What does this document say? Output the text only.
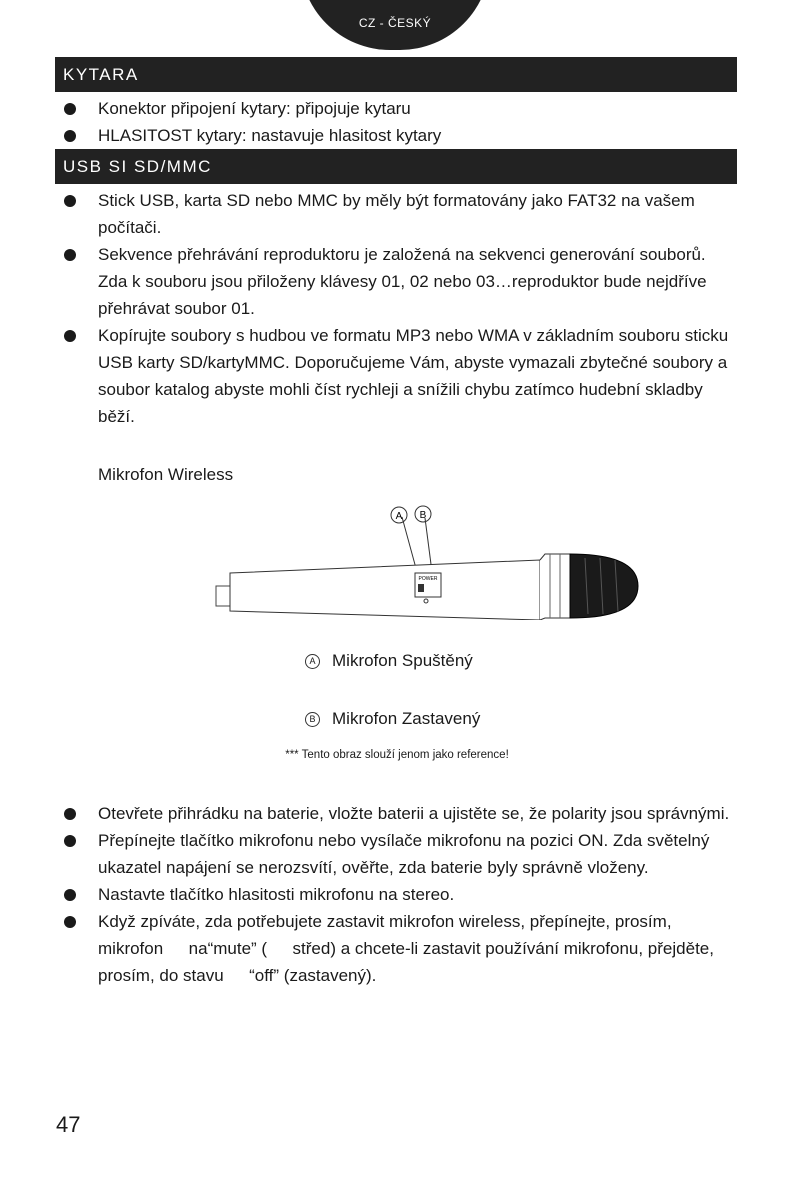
CZ - ČESKÝ
KYTARA
Konektor připojení kytary: připojuje kytaru
HLASITOST kytary: nastavuje hlasitost kytary
USB SI SD/MMC
Stick USB, karta SD nebo MMC by měly být formatovány jako FAT32 na vašem počítači.
Sekvence přehrávání reproduktoru je založená na sekvenci generování souborů. Zda k souboru jsou přiloženy klávesy 01, 02 nebo 03…reproduktor bude nejdříve přehrávat soubor 01.
Kopírujte soubory s hudbou ve formatu MP3 nebo WMA v základním souboru sticku USB karty SD/kartyMMC. Doporučujeme Vám, abyste vymazali zbytečné soubory a soubor katalog abyste mohli číst rychleji a snížili chybu zatímco hudební skladby běží.
Mikrofon Wireless
A B
POWER
A Mikrofon Spuštěný
B Mikrofon Zastavený
*** Tento obraz slouží jenom jako reference!
Otevřete přihrádku na baterie, vložte baterii a ujistěte se, že polarity jsou správnými.
Přepínejte tlačítko mikrofonu nebo vysílače mikrofonu na pozici ON. Zda světelný ukazatel napájení se nerozsvítí, ověřte, zda baterie byly správně vloženy.
Nastavte tlačítko hlasitosti mikrofonu na stereo.
Když zpíváte, zda potřebujete zastavit mikrofon wireless, přepínejte, prosím, mikrofon na“mute” ( střed) a chcete-li zastavit používání mikrofonu, přejděte, prosím, do stavu “off” (zastavený).
47
